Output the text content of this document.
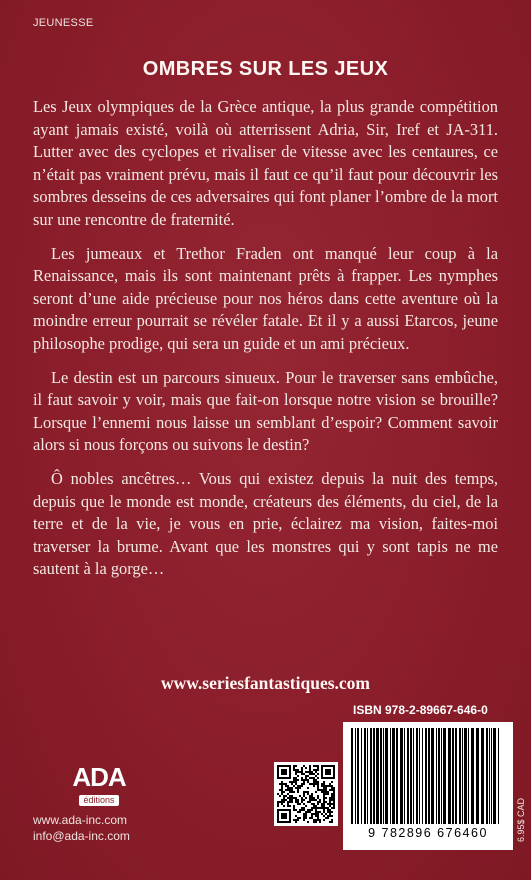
JEUNESSE
OMBRES SUR LES JEUX

Les Jeux olympiques de la Grèce antique, la plus grande compétition ayant jamais existé, voilà où atterrissent Adria, Sir, Iref et JA-311. Lutter avec des cyclopes et rivaliser de vitesse avec les centaures, ce n’était pas vraiment prévu, mais il faut ce qu’il faut pour découvrir les sombres desseins de ces adversaires qui font planer l’ombre de la mort sur une rencontre de fraternité.

Les jumeaux et Trethor Fraden ont manqué leur coup à la Renaissance, mais ils sont maintenant prêts à frapper. Les nymphes seront d’une aide précieuse pour nos héros dans cette aventure où la moindre erreur pourrait se révéler fatale. Et il y a aussi Etarcos, jeune philosophe prodige, qui sera un guide et un ami précieux.

Le destin est un parcours sinueux. Pour le traverser sans embûche, il faut savoir y voir, mais que fait-on lorsque notre vision se brouille? Lorsque l’ennemi nous laisse un semblant d’espoir? Comment savoir alors si nous forçons ou suivons le destin?

Ô nobles ancêtres… Vous qui existez depuis la nuit des temps, depuis que le monde est monde, créateurs des éléments, du ciel, de la terre et de la vie, je vous en prie, éclairez ma vision, faites-moi traverser la brume. Avant que les monstres qui y sont tapis ne me sautent à la gorge…

www.seriesfantastiques.com
ADA
éditions
www.ada-inc.com
info@ada-inc.com
ISBN 978-2-89667-646-0
9 782896 676460	6.95$ CAD
